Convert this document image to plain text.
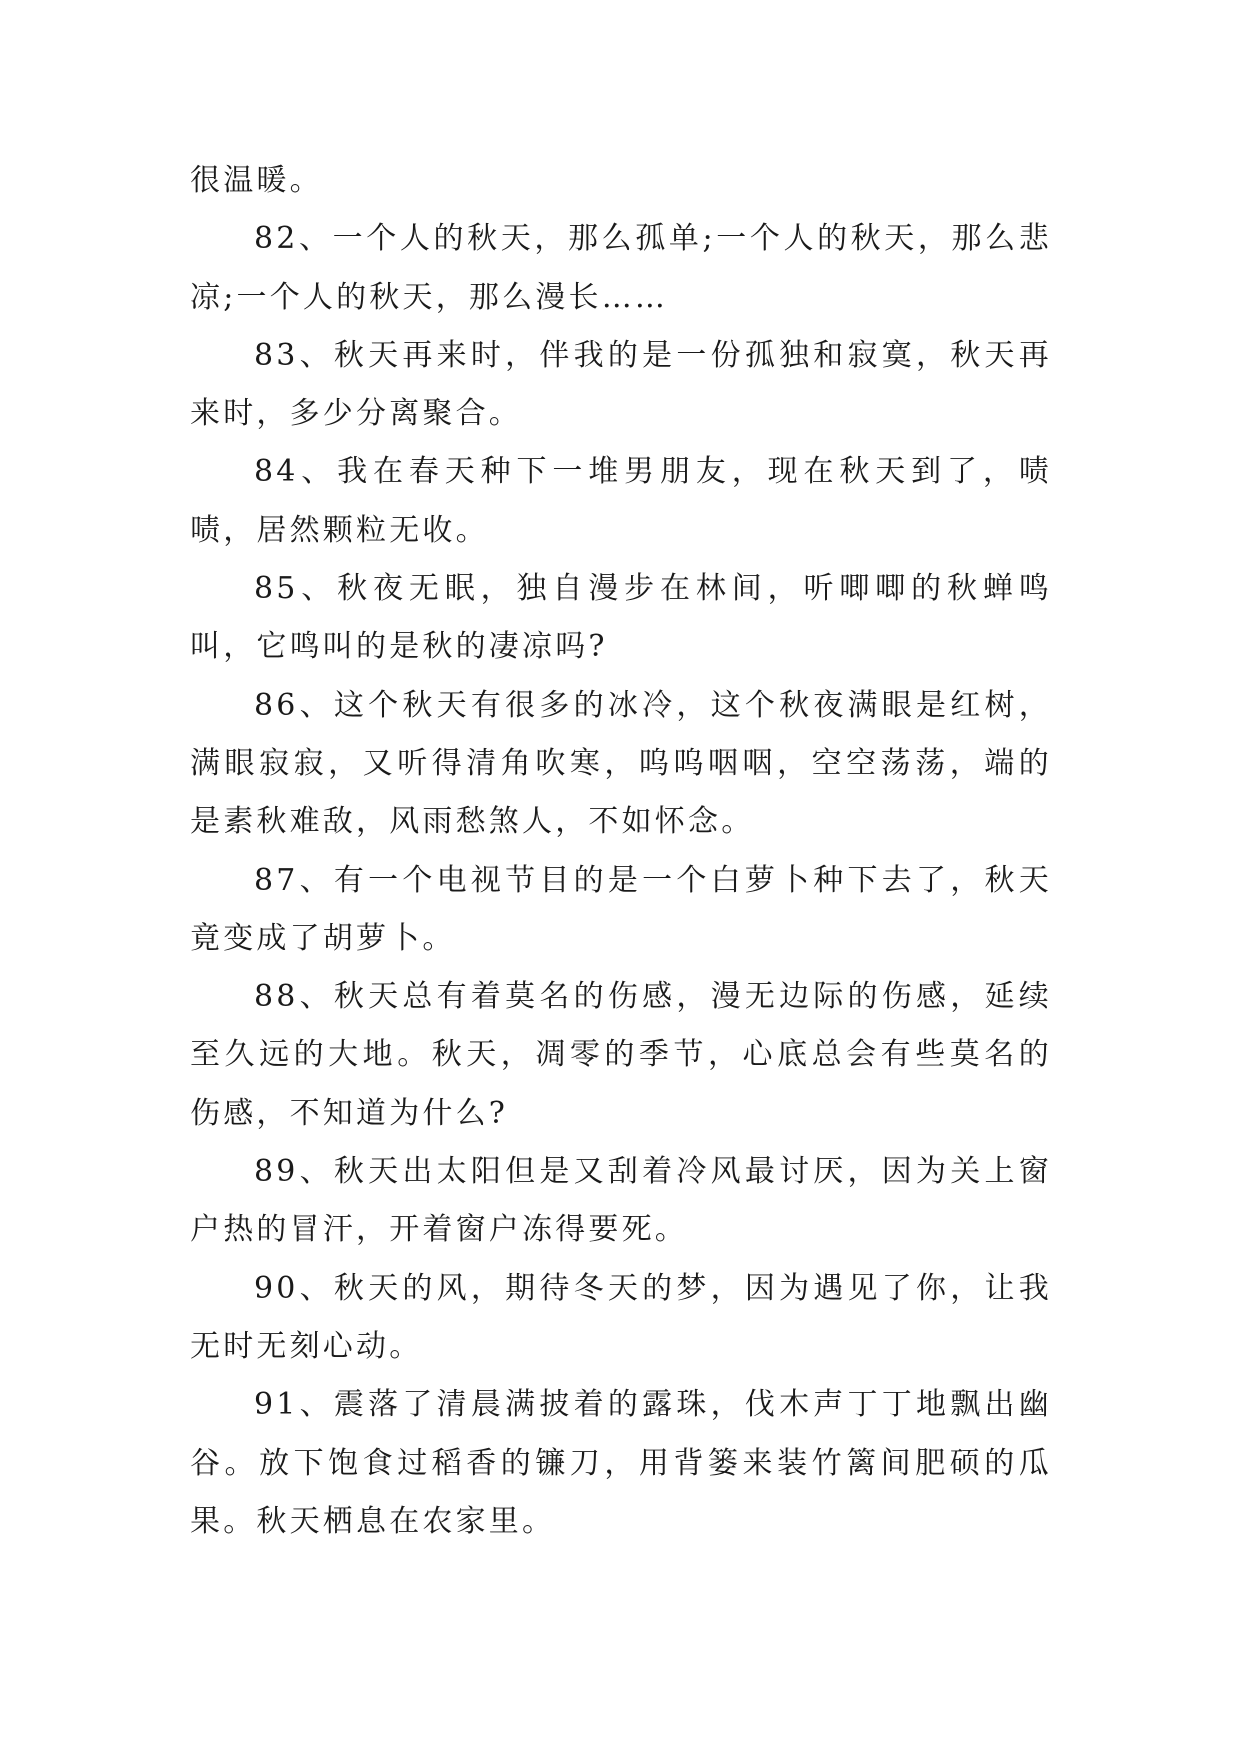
很温暖。

82、一个人的秋天，那么孤单;一个人的秋天，那么悲凉;一个人的秋天，那么漫长……

83、秋天再来时，伴我的是一份孤独和寂寞，秋天再来时，多少分离聚合。

84、我在春天种下一堆男朋友，现在秋天到了，啧啧，居然颗粒无收。

85、秋夜无眠，独自漫步在林间，听唧唧的秋蝉鸣叫，它鸣叫的是秋的凄凉吗?

86、这个秋天有很多的冰冷，这个秋夜满眼是红树，满眼寂寂，又听得清角吹寒，呜呜咽咽，空空荡荡，端的是素秋难敌，风雨愁煞人，不如怀念。

87、有一个电视节目的是一个白萝卜种下去了，秋天竟变成了胡萝卜。

88、秋天总有着莫名的伤感，漫无边际的伤感，延续至久远的大地。秋天，凋零的季节，心底总会有些莫名的伤感，不知道为什么?

89、秋天出太阳但是又刮着冷风最讨厌，因为关上窗户热的冒汗，开着窗户冻得要死。

90、秋天的风，期待冬天的梦，因为遇见了你，让我无时无刻心动。

91、震落了清晨满披着的露珠，伐木声丁丁地飘出幽谷。放下饱食过稻香的镰刀，用背篓来装竹篱间肥硕的瓜果。秋天栖息在农家里。
